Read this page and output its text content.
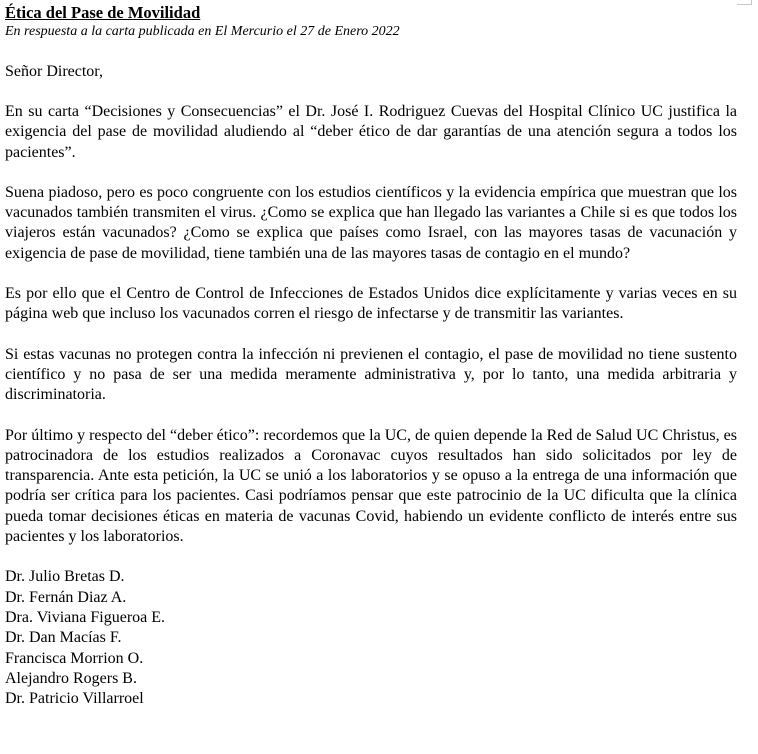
Ética del Pase de Movilidad

En respuesta a la carta publicada en El Mercurio el 27 de Enero 2022

Señor Director,

En su carta “Decisiones y Consecuencias” el Dr. José I. Rodriguez Cuevas del Hospital Clínico UC justifica la exigencia del pase de movilidad aludiendo al “deber ético de dar garantías de una atención segura a todos los pacientes”.

Suena piadoso, pero es poco congruente con los estudios científicos y la evidencia empírica que muestran que los vacunados también transmiten el virus. ¿Como se explica que han llegado las variantes a Chile si es que todos los viajeros están vacunados? ¿Como se explica que países como Israel, con las mayores tasas de vacunación y exigencia de pase de movilidad, tiene también una de las mayores tasas de contagio en el mundo?

Es por ello que el Centro de Control de Infecciones de Estados Unidos dice explícitamente y varias veces en su página web que incluso los vacunados corren el riesgo de infectarse y de transmitir las variantes.

Si estas vacunas no protegen contra la infección ni previenen el contagio, el pase de movilidad no tiene sustento científico y no pasa de ser una medida meramente administrativa y, por lo tanto, una medida arbitraria y discriminatoria.

Por último y respecto del “deber ético”: recordemos que la UC, de quien depende la Red de Salud UC Christus, es patrocinadora de los estudios realizados a Coronavac cuyos resultados han sido solicitados por ley de transparencia. Ante esta petición, la UC se unió a los laboratorios y se opuso a la entrega de una información que podría ser crítica para los pacientes. Casi podríamos pensar que este patrocinio de la UC dificulta que la clínica pueda tomar decisiones éticas en materia de vacunas Covid, habiendo un evidente conflicto de interés entre sus pacientes y los laboratorios.

Dr. Julio Bretas D.
Dr. Fernán Diaz A.
Dra. Viviana Figueroa E.
Dr. Dan Macías F.
Francisca Morrion O.
Alejandro Rogers B.
Dr. Patricio Villarroel
